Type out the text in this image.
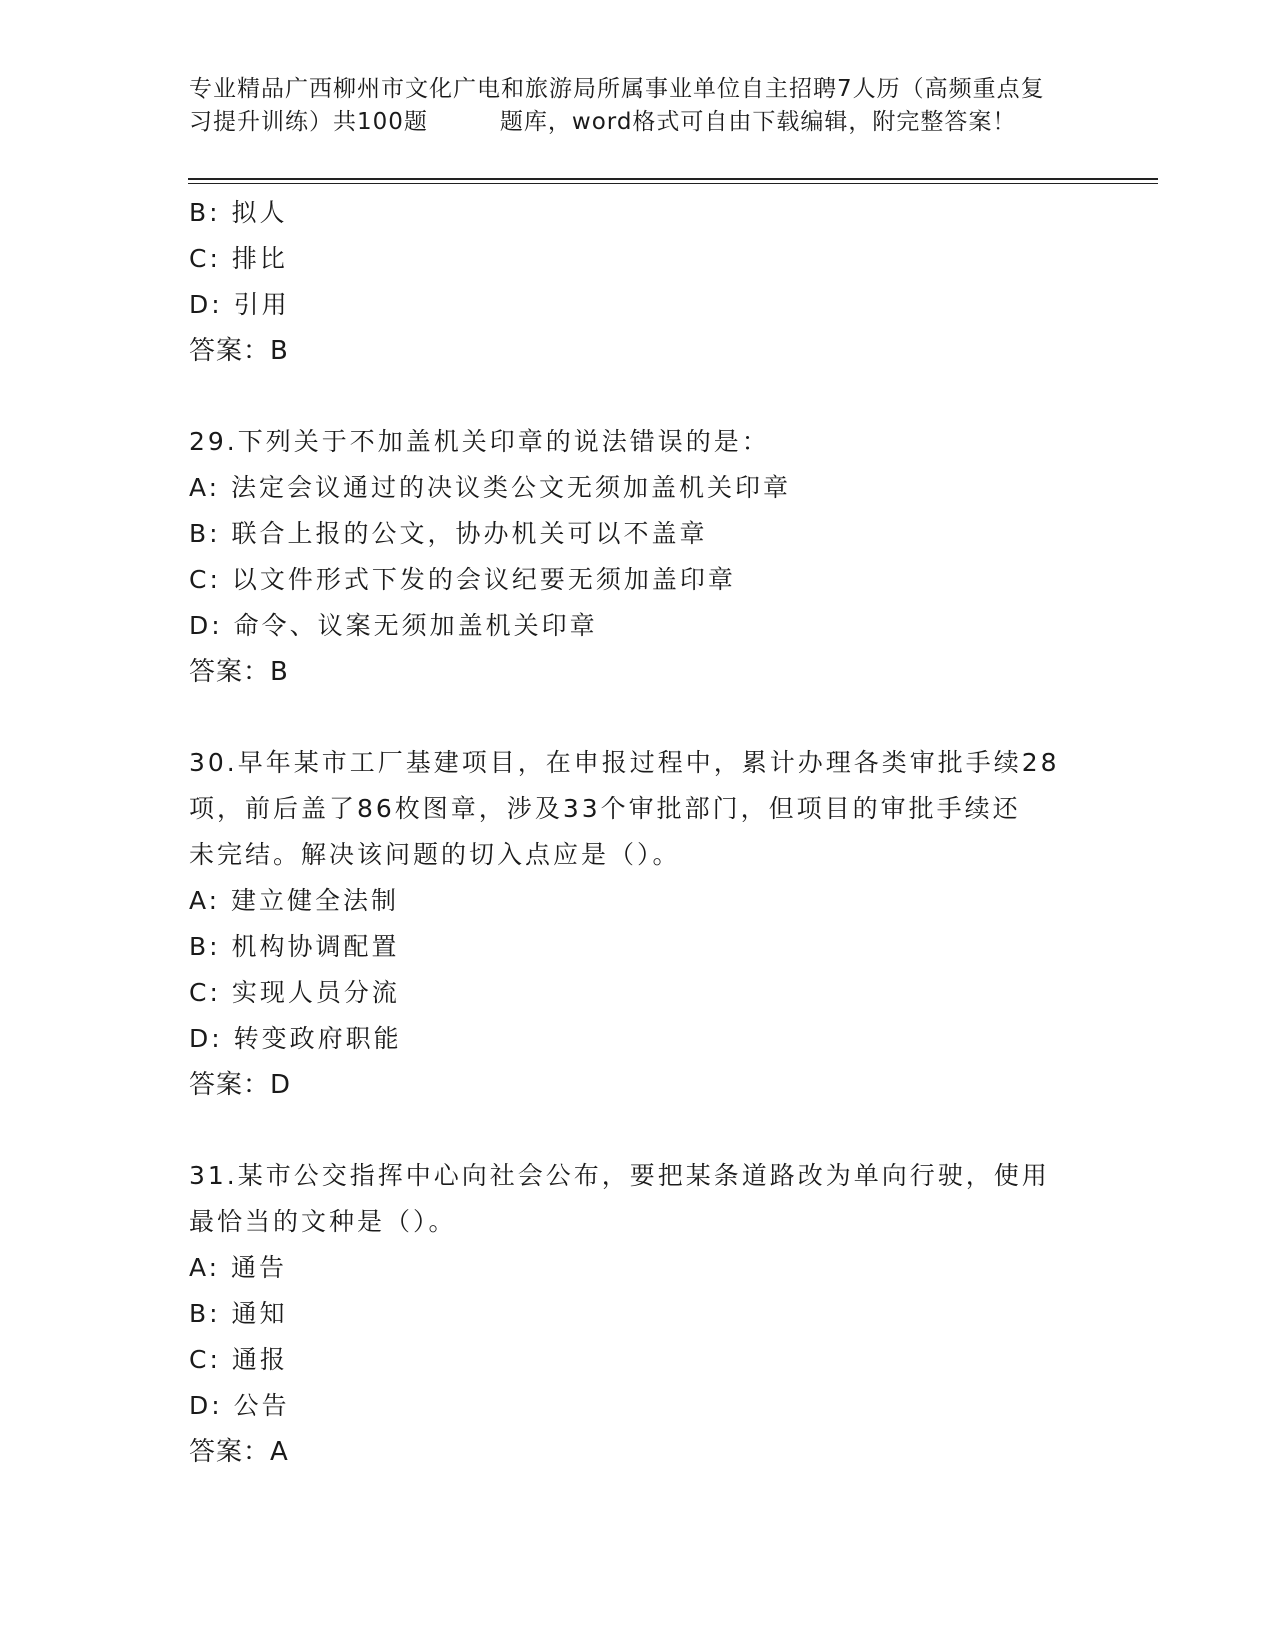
专业精品广西柳州市文化广电和旅游局所属事业单位自主招聘7人历（高频重点复
习提升训练）共100题　　　题库，word格式可自由下载编辑，附完整答案！
B: 拟人
C: 排比
D: 引用
答案：B
29.下列关于不加盖机关印章的说法错误的是：
A: 法定会议通过的决议类公文无须加盖机关印章
B: 联合上报的公文，协办机关可以不盖章
C: 以文件形式下发的会议纪要无须加盖印章
D: 命令、议案无须加盖机关印章
答案：B
30.早年某市工厂基建项目，在申报过程中，累计办理各类审批手续28
项，前后盖了86枚图章，涉及33个审批部门，但项目的审批手续还
未完结。解决该问题的切入点应是（）。
A: 建立健全法制
B: 机构协调配置
C: 实现人员分流
D: 转变政府职能
答案：D
31.某市公交指挥中心向社会公布，要把某条道路改为单向行驶，使用
最恰当的文种是（）。
A: 通告
B: 通知
C: 通报
D: 公告
答案：A
